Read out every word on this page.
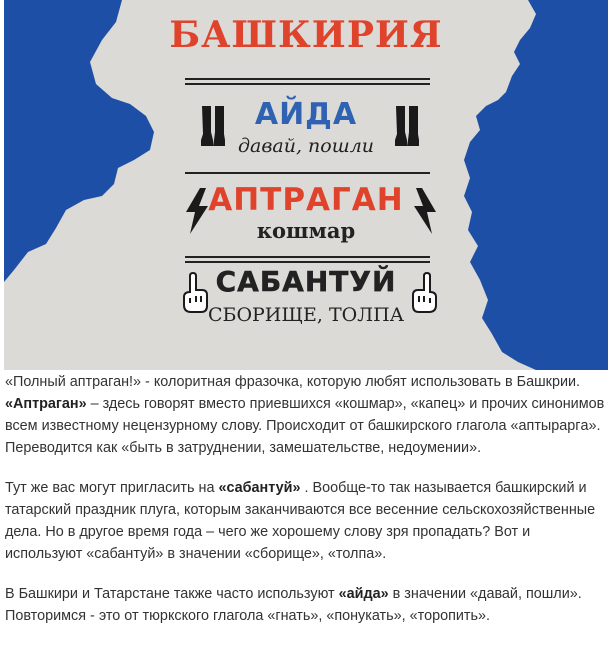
БАШКИРИЯ
АЙДА
давай, пошли
АПТРАГАН
кошмар
САБАНТУЙ
СБОРИЩЕ, ТОЛПА

«Полный аптраган!» - колоритная фразочка, которую любят использовать в Башкрии. «Аптраган» – здесь говорят вместо приевшихся «кошмар», «капец» и прочих синонимов всем известному нецензурному слову. Происходит от башкирского глагола «аптыраргa». Переводится как «быть в затруднении, замешательстве, недоумении».

Тут же вас могут пригласить на «сабантуй» . Вообще-то так называется башкирский и татарский праздник плуга, которым заканчиваются все весенние сельскохозяйственные дела. Но в другое время года – чего же хорошему слову зря пропадать? Вот и используют «сабантуй» в значении «сборище», «толпа».

В Башкири и Татарстане также часто используют «айда» в значении «давай, пошли». Повторимся - это от тюркского глагола «гнать», «понукать», «торопить».
